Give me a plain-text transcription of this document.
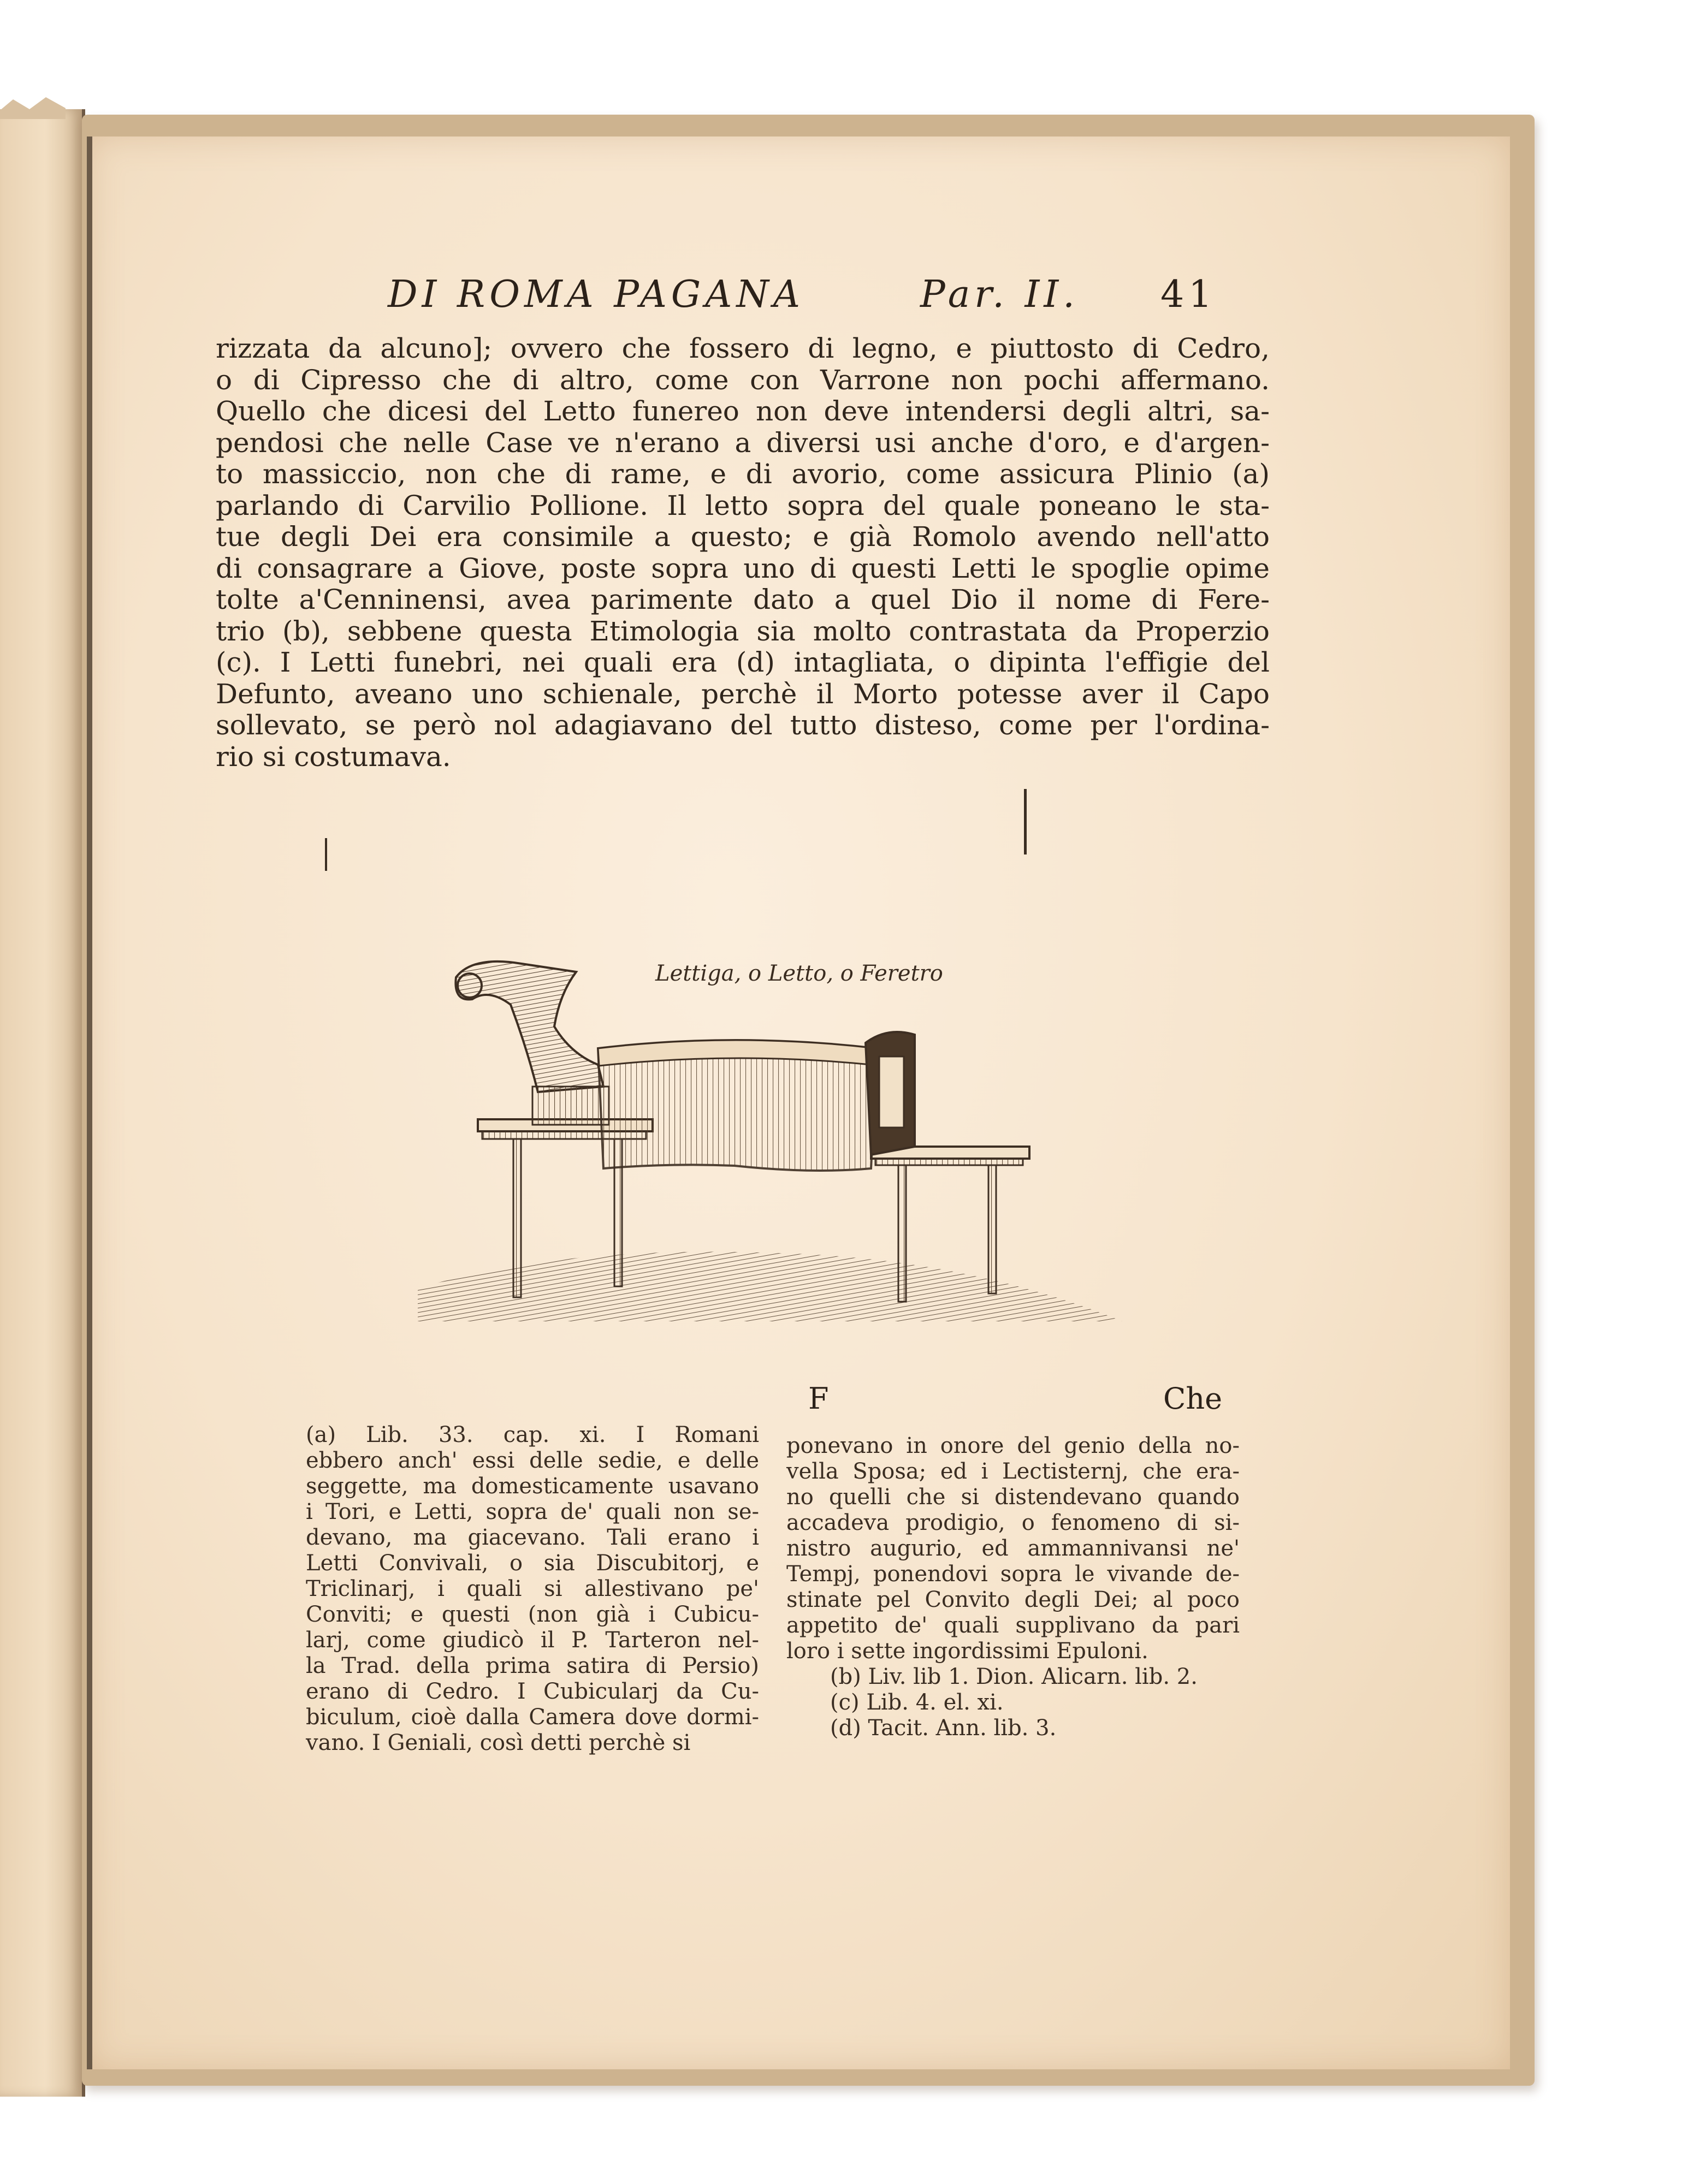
DI ROMA PAGANA	Par. II. 41
rizzata da alcuno]; ovvero che fossero di legno, e piuttosto di Cedro,
o di Cipresso che di altro, come con Varrone non pochi affermano.
Quello che dicesi del Letto funereo non deve intendersi degli altri, sa-
pendosi che nelle Case ve n'erano a diversi usi anche d'oro, e d'argen-
to massiccio, non che di rame, e di avorio, come assicura Plinio (a)
parlando di Carvilio Pollione. Il letto sopra del quale poneano le sta-
tue degli Dei era consimile a questo; e già Romolo avendo nell'atto
di consagrare a Giove, poste sopra uno di questi Letti le spoglie opime
tolte a'Cenninensi, avea parimente dato a quel Dio il nome di Fere-
trio (b), sebbene questa Etimologia sia molto contrastata da Properzio
(c). I Letti funebri, nei quali era (d) intagliata, o dipinta l'effigie del
Defunto, aveano uno schienale, perchè il Morto potesse aver il Capo
sollevato, se però nol adagiavano del tutto disteso, come per l'ordina-
rio si costumava.
Lettiga, o Letto, o Feretro
F	Che
(a) Lib. 33. cap. xi. I Romani
ebbero anch' essi delle sedie, e delle
seggette, ma domesticamente usavano
i Tori, e Letti, sopra de' quali non se-
devano, ma giacevano. Tali erano i
Letti Convivali, o sia Discubitorj, e
Triclinarj, i quali si allestivano pe'
Conviti; e questi (non già i Cubicu-
larj, come giudicò il P. Tarteron nel-
la Trad. della prima satira di Persio)
erano di Cedro. I Cubicularj da Cu-
biculum, cioè dalla Camera dove dormi-
vano. I Geniali, così detti perchè si
ponevano in onore del genio della no-
vella Sposa; ed i Lectisternj, che era-
no quelli che si distendevano quando
accadeva prodigio, o fenomeno di si-
nistro augurio, ed ammannivansi ne'
Tempj, ponendovi sopra le vivande de-
stinate pel Convito degli Dei; al poco
appetito de' quali supplivano da pari
loro i sette ingordissimi Epuloni.
(b) Liv. lib 1. Dion. Alicarn. lib. 2.
(c) Lib. 4. el. xi.
(d) Tacit. Ann. lib. 3.
